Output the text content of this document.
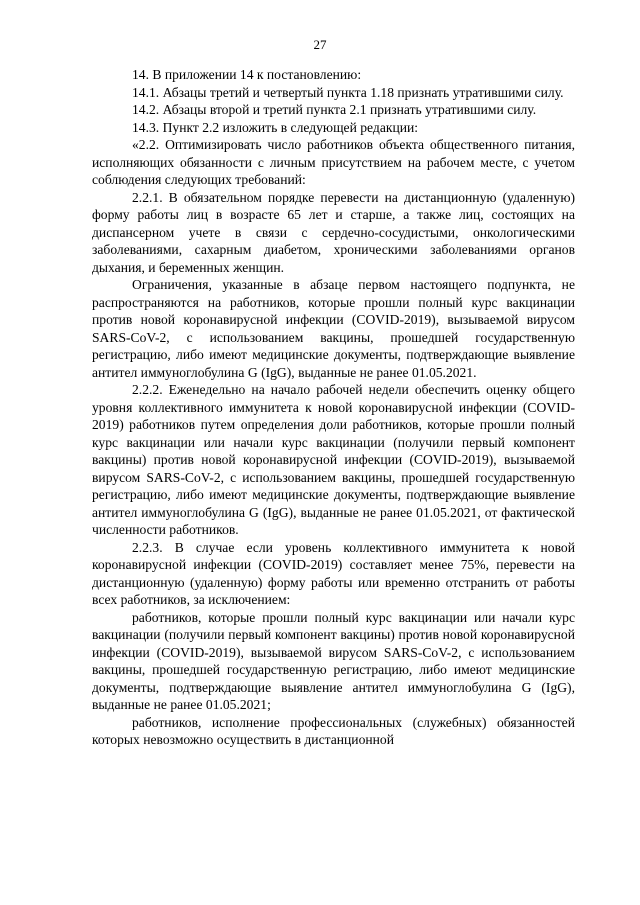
27

14. В приложении 14 к постановлению:

14.1. Абзацы третий и четвертый пункта 1.18 признать утратившими силу.

14.2. Абзацы второй и третий пункта 2.1 признать утратившими силу.

14.3. Пункт 2.2 изложить в следующей редакции:

«2.2. Оптимизировать число работников объекта общественного питания, исполняющих обязанности с личным присутствием на рабочем месте, с учетом соблюдения следующих требований:

2.2.1. В обязательном порядке перевести на дистанционную (удаленную) форму работы лиц в возрасте 65 лет и старше, а также лиц, состоящих на диспансерном учете в связи с сердечно-сосудистыми, онкологическими заболеваниями, сахарным диабетом, хроническими заболеваниями органов дыхания, и беременных женщин.

Ограничения, указанные в абзаце первом настоящего подпункта, не распространяются на работников, которые прошли полный курс вакцинации против новой коронавирусной инфекции (COVID-2019), вызываемой вирусом SARS-CoV-2, с использованием вакцины, прошедшей государственную регистрацию, либо имеют медицинские документы, подтверждающие выявление антител иммуноглобулина G (IgG), выданные не ранее 01.05.2021.

2.2.2. Еженедельно на начало рабочей недели обеспечить оценку общего уровня коллективного иммунитета к новой коронавирусной инфекции (COVID-2019) работников путем определения доли работников, которые прошли полный курс вакцинации или начали курс вакцинации (получили первый компонент вакцины) против новой коронавирусной инфекции (COVID-2019), вызываемой вирусом SARS-CoV-2, с использованием вакцины, прошедшей государственную регистрацию, либо имеют медицинские документы, подтверждающие выявление антител иммуноглобулина G (IgG), выданные не ранее 01.05.2021, от фактической численности работников.

2.2.3. В случае если уровень коллективного иммунитета к новой коронавирусной инфекции (COVID-2019) составляет менее 75%, перевести на дистанционную (удаленную) форму работы или временно отстранить от работы всех работников, за исключением:

работников, которые прошли полный курс вакцинации или начали курс вакцинации (получили первый компонент вакцины) против новой коронавирусной инфекции (COVID-2019), вызываемой вирусом SARS-CoV-2, с использованием вакцины, прошедшей государственную регистрацию, либо имеют медицинские документы, подтверждающие выявление антител иммуноглобулина G (IgG), выданные не ранее 01.05.2021;

работников, исполнение профессиональных (служебных) обязанностей которых невозможно осуществить в дистанционной
